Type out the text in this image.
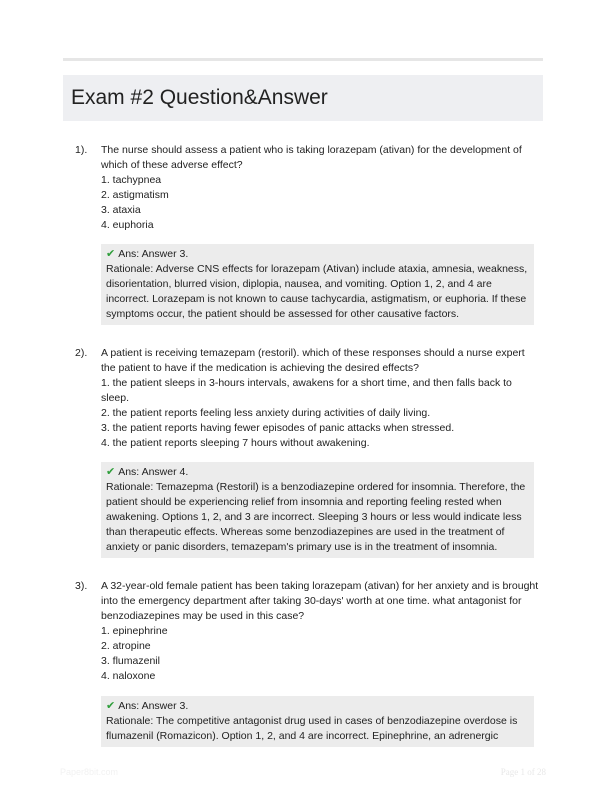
Exam #2 Question&Answer
1). The nurse should assess a patient who is taking lorazepam (ativan) for the development of which of these adverse effect?

1. tachypnea

2. astigmatism

3. ataxia

4. euphoria

✔ Ans: Answer 3.

Rationale: Adverse CNS effects for lorazepam (Ativan) include ataxia, amnesia, weakness, disorientation, blurred vision, diplopia, nausea, and vomiting. Option 1, 2, and 4 are incorrect. Lorazepam is not known to cause tachycardia, astigmatism, or euphoria. If these symptoms occur, the patient should be assessed for other causative factors.

2). A patient is receiving temazepam (restoril). which of these responses should a nurse expert the patient to have if the medication is achieving the desired effects?

1. the patient sleeps in 3-hours intervals, awakens for a short time, and then falls back to sleep.

2. the patient reports feeling less anxiety during activities of daily living.

3. the patient reports having fewer episodes of panic attacks when stressed.

4. the patient reports sleeping 7 hours without awakening.

✔ Ans: Answer 4.

Rationale: Temazepma (Restoril) is a benzodiazepine ordered for insomnia. Therefore, the patient should be experiencing relief from insomnia and reporting feeling rested when awakening. Options 1, 2, and 3 are incorrect. Sleeping 3 hours or less would indicate less than therapeutic effects. Whereas some benzodiazepines are used in the treatment of anxiety or panic disorders, temazepam's primary use is in the treatment of insomnia.

3). A 32-year-old female patient has been taking lorazepam (ativan) for her anxiety and is brought into the emergency department after taking 30-days' worth at one time. what antagonist for benzodiazepines may be used in this case?

1. epinephrine

2. atropine

3. flumazenil

4. naloxone

✔ Ans: Answer 3.

Rationale: The competitive antagonist drug used in cases of benzodiazepine overdose is flumazenil (Romazicon). Option 1, 2, and 4 are incorrect. Epinephrine, an adrenergic

Paper8bit.com	Page 1 of 28
